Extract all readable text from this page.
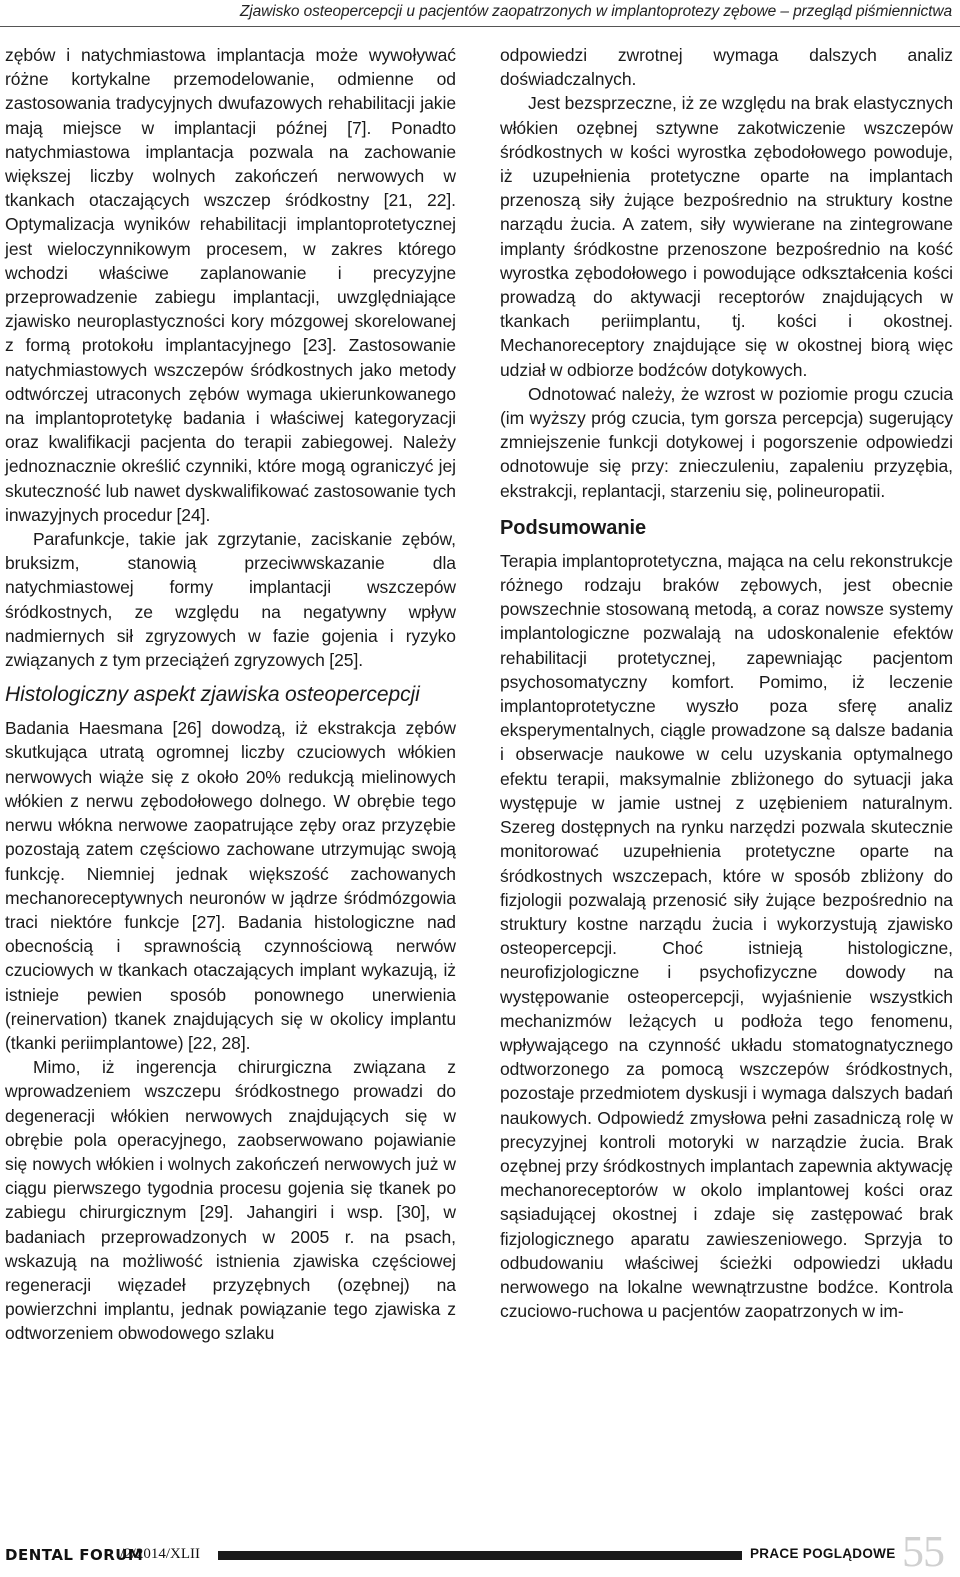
Zjawisko osteopercepcji u pacjentów zaopatrzonych w implantoprotezy zębowe – przegląd piśmiennictwa

zębów i natychmiastowa implantacja może wywoływać różne kortykalne przemodelowanie, odmienne od zastosowania tradycyjnych dwufazowych rehabilitacji jakie mają miejsce w implantacji późnej [7]. Ponadto natychmiastowa implantacja pozwala na zachowanie większej liczby wolnych zakończeń nerwowych w tkankach otaczających wszczep śródkostny [21, 22]. Optymalizacja wyników rehabilitacji implantoprotetycznej jest wieloczynnikowym procesem, w zakres którego wchodzi właściwe zaplanowanie i precyzyjne przeprowadzenie zabiegu implantacji, uwzględniające zjawisko neuroplastyczności kory mózgowej skorelowanej z formą protokołu implantacyjnego [23]. Zastosowanie natychmiastowych wszczepów śródkostnych jako metody odtwórczej utraconych zębów wymaga ukierunkowanego na implantoprotetykę badania i właściwej kategoryzacji oraz kwalifikacji pacjenta do terapii zabiegowej. Należy jednoznacznie określić czynniki, które mogą ograniczyć jej skuteczność lub nawet dyskwalifikować zastosowanie tych inwazyjnych procedur [24].

Parafunkcje, takie jak zgrzytanie, zaciskanie zębów, bruksizm, stanowią przeciwwskazanie dla natychmiastowej formy implantacji wszczepów śródkostnych, ze względu na negatywny wpływ nadmiernych sił zgryzowych w fazie gojenia i ryzyko związanych z tym przeciążeń zgryzowych [25].

Histologiczny aspekt zjawiska osteopercepcji

Badania Haesmana [26] dowodzą, iż ekstrakcja zębów skutkująca utratą ogromnej liczby czuciowych włókien nerwowych wiąże się z około 20% redukcją mielinowych włókien z nerwu zębodołowego dolnego. W obrębie tego nerwu włókna nerwowe zaopatrujące zęby oraz przyzębie pozostają zatem częściowo zachowane utrzymując swoją funkcję. Niemniej jednak większość zachowanych mechanoreceptywnych neuronów w jądrze śródmózgowia traci niektóre funkcje [27]. Badania histologiczne nad obecnością i sprawnością czynnościową nerwów czuciowych w tkankach otaczających implant wykazują, iż istnieje pewien sposób ponownego unerwienia (reinervation) tkanek znajdujących się w okolicy implantu (tkanki periimplantowe) [22, 28].

Mimo, iż ingerencja chirurgiczna związana z wprowadzeniem wszczepu śródkostnego prowadzi do degeneracji włókien nerwowych znajdujących się w obrębie pola operacyjnego, zaobserwowano pojawianie się nowych włókien i wolnych zakończeń nerwowych już w ciągu pierwszego tygodnia procesu gojenia się tkanek po zabiegu chirurgicznym [29]. Jahangiri i wsp. [30], w badaniach przeprowadzonych w 2005 r. na psach, wskazują na możliwość istnienia zjawiska częściowej regeneracji więzadeł przyzębnych (ozębnej) na powierzchni implantu, jednak powiązanie tego zjawiska z odtworzeniem obwodowego szlaku

odpowiedzi zwrotnej wymaga dalszych analiz doświadczalnych.

Jest bezsprzeczne, iż ze względu na brak elastycznych włókien ozębnej sztywne zakotwiczenie wszczepów śródkostnych w kości wyrostka zębodołowego powoduje, iż uzupełnienia protetyczne oparte na implantach przenoszą siły żujące bezpośrednio na struktury kostne narządu żucia. A zatem, siły wywierane na zintegrowane implanty śródkostne przenoszone bezpośrednio na kość wyrostka zębodołowego i powodujące odkształcenia kości prowadzą do aktywacji receptorów znajdujących w tkankach periimplantu, tj. kości i okostnej. Mechanoreceptory znajdujące się w okostnej biorą więc udział w odbiorze bodźców dotykowych.

Odnotować należy, że wzrost w poziomie progu czucia (im wyższy próg czucia, tym gorsza percepcja) sugerujący zmniejszenie funkcji dotykowej i pogorszenie odpowiedzi odnotowuje się przy: znieczuleniu, zapaleniu przyzębia, ekstrakcji, replantacji, starzeniu się, polineuropatii.

Podsumowanie

Terapia implantoprotetyczna, mająca na celu rekonstrukcje różnego rodzaju braków zębowych, jest obecnie powszechnie stosowaną metodą, a coraz nowsze systemy implantologiczne pozwalają na udoskonalenie efektów rehabilitacji protetycznej, zapewniając pacjentom psychosomatyczny komfort. Pomimo, iż leczenie implantoprotetyczne wyszło poza sferę analiz eksperymentalnych, ciągle prowadzone są dalsze badania i obserwacje naukowe w celu uzyskania optymalnego efektu terapii, maksymalnie zbliżonego do sytuacji jaka występuje w jamie ustnej z uzębieniem naturalnym. Szereg dostępnych na rynku narzędzi pozwala skutecznie monitorować uzupełnienia protetyczne oparte na śródkostnych wszczepach, które w sposób zbliżony do fizjologii pozwalają przenosić siły żujące bezpośrednio na struktury kostne narządu żucia i wykorzystują zjawisko osteopercepcji. Choć istnieją histologiczne, neurofizjologiczne i psychofizyczne dowody na występowanie osteopercepcji, wyjaśnienie wszystkich mechanizmów leżących u podłoża tego fenomenu, wpływającego na czynność układu stomatognatycznego odtworzonego za pomocą wszczepów śródkostnych, pozostaje przedmiotem dyskusji i wymaga dalszych badań naukowych. Odpowiedź zmysłowa pełni zasadniczą rolę w precyzyjnej kontroli motoryki w narządzie żucia. Brak ozębnej przy śródkostnych implantach zapewnia aktywację mechanoreceptorów w okolo implantowej kości oraz sąsiadującej okostnej i zdaje się zastępować brak fizjologicznego aparatu zawieszeniowego. Sprzyja to odbudowaniu właściwej ścieżki odpowiedzi układu nerwowego na lokalne wewnątrzustne bodźce. Kontrola czuciowo-ruchowa u pacjentów zaopatrzonych w im-

DENTAL FORUM
/2/2014/XLII	PRACE POGLĄDOWE 55
